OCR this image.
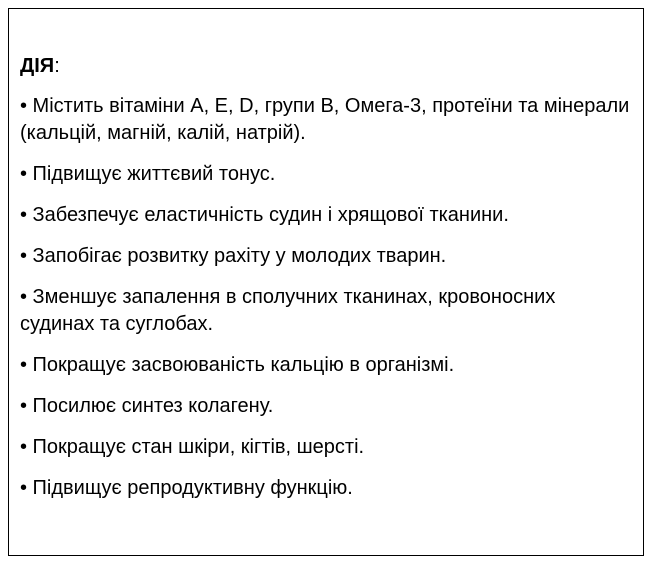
ДІЯ:
• Містить вітаміни А, Е, D, групи В, Омега-3, протеїни та мінерали (кальцій, магній, калій, натрій).
• Підвищує життєвий тонус.
• Забезпечує еластичність судин і хрящової тканини.
• Запобігає розвитку рахіту у молодих тварин.
• Зменшує запалення в сполучних тканинах, кровоносних судинах та суглобах.
• Покращує засвоюваність кальцію в організмі.
• Посилює синтез колагену.
• Покращує стан шкіри, кігтів, шерсті.
• Підвищує репродуктивну функцію.
